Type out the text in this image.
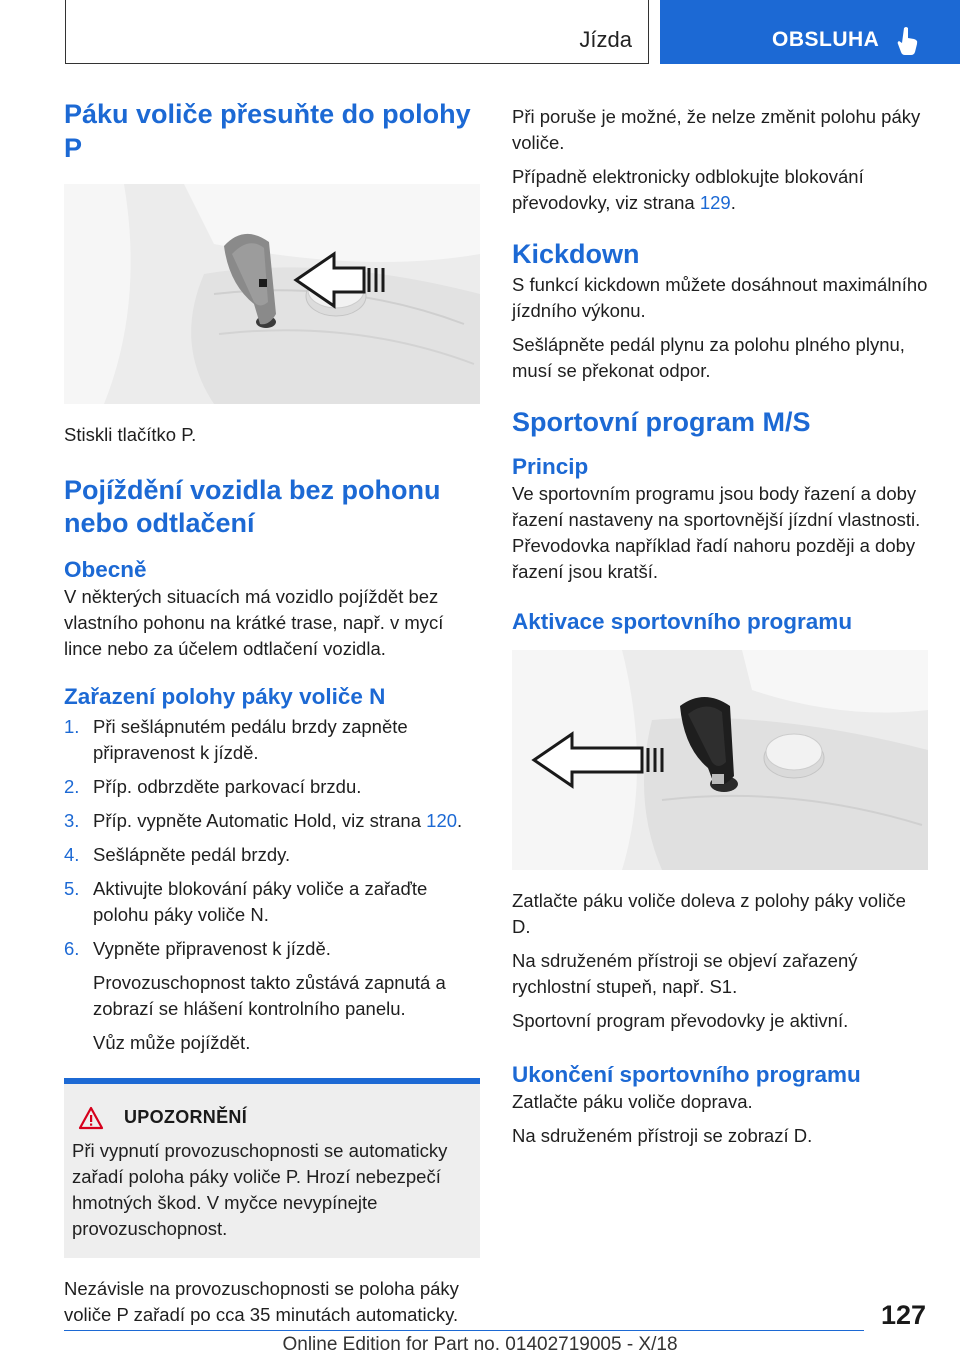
Jízda	OBSLUHA
Páku voliče přesuňte do polohy P

Stiskli tlačítko P.

Pojíždění vozidla bez pohonu nebo odtlačení
Obecně

V některých situacích má vozidlo pojíždět bez vlastního pohonu na krátké trase, např. v mycí lince nebo za účelem odtlačení vozidla.

Zařazení polohy páky voliče N
1. Při sešlápnutém pedálu brzdy zapněte připravenost k jízdě.
2. Příp. odbrzděte parkovací brzdu.
3. Příp. vypněte Automatic Hold, viz strana 120.
4. Sešlápněte pedál brzdy.
5. Aktivujte blokování páky voliče a zařaďte polohu páky voliče N.
6. Vypněte připravenost k jízdě.
Provozuschopnost takto zůstává zapnutá a zobrazí se hlášení kontrolního panelu.
Vůz může pojíždět.
UPOZORNĚNÍ

Při vypnutí provozuschopnosti se automaticky zařadí poloha páky voliče P. Hrozí nebezpečí hmotných škod. V myčce nevypínejte provozuschopnost.

Nezávisle na provozuschopnosti se poloha páky voliče P zařadí po cca 35 minutách automaticky.

Při poruše je možné, že nelze změnit polohu páky voliče.

Případně elektronicky odblokujte blokování převodovky, viz strana 129.

Kickdown

S funkcí kickdown můžete dosáhnout maximálního jízdního výkonu.

Sešlápněte pedál plynu za polohu plného plynu, musí se překonat odpor.

Sportovní program M/S
Princip

Ve sportovním programu jsou body řazení a doby řazení nastaveny na sportovnější jízdní vlastnosti. Převodovka například řadí nahoru později a doby řazení jsou kratší.

Aktivace sportovního programu

Zatlačte páku voliče doleva z polohy páky voliče D.

Na sdruženém přístroji se objeví zařazený rychlostní stupeň, např. S1.

Sportovní program převodovky je aktivní.

Ukončení sportovního programu

Zatlačte páku voliče doprava.

Na sdruženém přístroji se zobrazí D.

127
Online Edition for Part no. 01402719005 - X/18
